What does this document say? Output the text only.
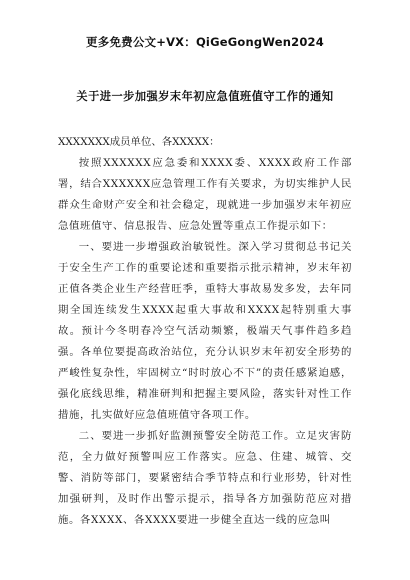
更多免费公文+VX：QiGeGongWen2024
关于进一步加强岁末年初应急值班值守工作的通知
XXXXXXX成员单位、各XXXXX：

按照XXXXXX应急委和XXXX委、XXXX政府工作部署，结合XXXXXX应急管理工作有关要求，为切实维护人民群众生命财产安全和社会稳定，现就进一步加强岁末年初应急值班值守、信息报告、应急处置等重点工作提示如下：

一、要进一步增强政治敏锐性。深入学习贯彻总书记关于安全生产工作的重要论述和重要指示批示精神，岁末年初正值各类企业生产经营旺季，重特大事故易发多发，去年同期全国连续发生XXXX起重大事故和XXXX起特别重大事故。预计今冬明春冷空气活动频繁，极端天气事件趋多趋强。各单位要提高政治站位，充分认识岁末年初安全形势的严峻性复杂性，牢固树立“时时放心不下”的责任感紧迫感，强化底线思维，精准研判和把握主要风险，落实针对性工作措施，扎实做好应急值班值守各项工作。

二、要进一步抓好监测预警安全防范工作。立足灾害防范，全力做好预警叫应工作落实。应急、住建、城管、交警、消防等部门，要紧密结合季节特点和行业形势，针对性加强研判，及时作出警示提示，指导各方加强防范应对措施。各XXXX、各XXXX要进一步健全直达一线的应急叫
